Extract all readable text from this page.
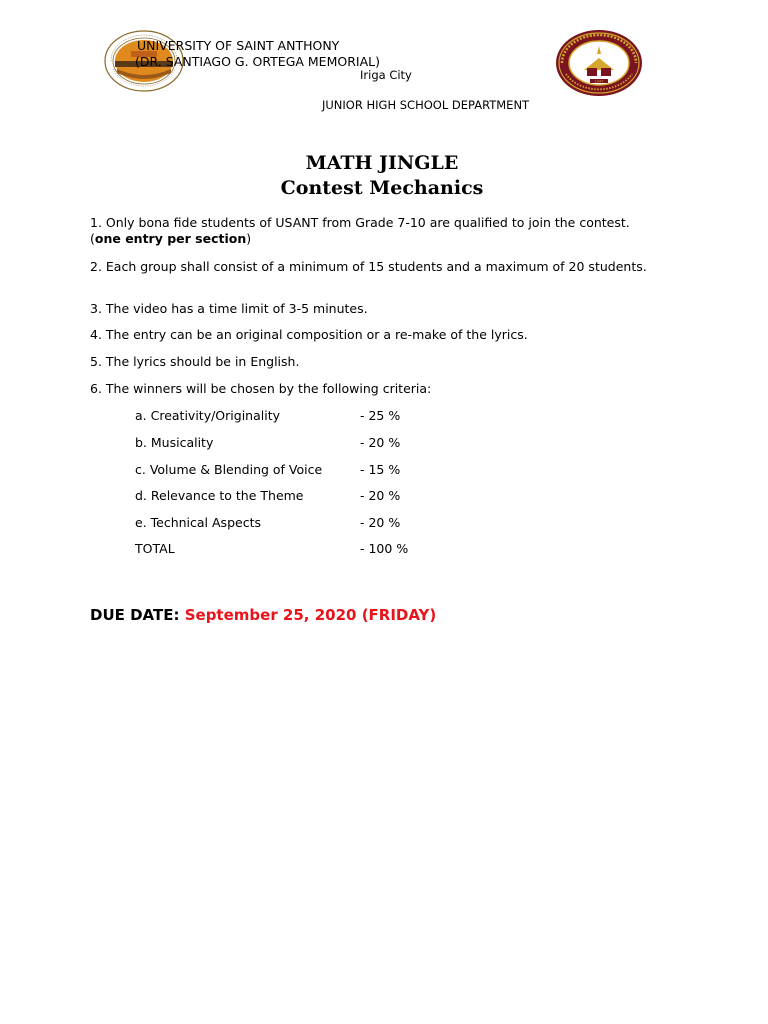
1947
UNIVERSITY OF SAINT ANTHONY
(DR. SANTIAGO G. ORTEGA MEMORIAL)
Iriga City
JUNIOR HIGH SCHOOL DEPARTMENT
MATH JINGLE
Contest Mechanics
1. Only bona fide students of USANT from Grade 7-10 are qualified to join the contest.
(one entry per section)
2. Each group shall consist of a minimum of 15 students and a maximum of 20 students.
3. The video has a time limit of 3-5 minutes.
4. The entry can be an original composition or a re-make of the lyrics.
5. The lyrics should be in English.
6. The winners will be chosen by the following criteria:
a. Creativity/Originality	- 25 %
b. Musicality	- 20 %
c. Volume & Blending of Voice	- 15 %
d. Relevance to the Theme	- 20 %
e. Technical Aspects	- 20 %
TOTAL	- 100 %
DUE DATE: September 25, 2020 (FRIDAY)
